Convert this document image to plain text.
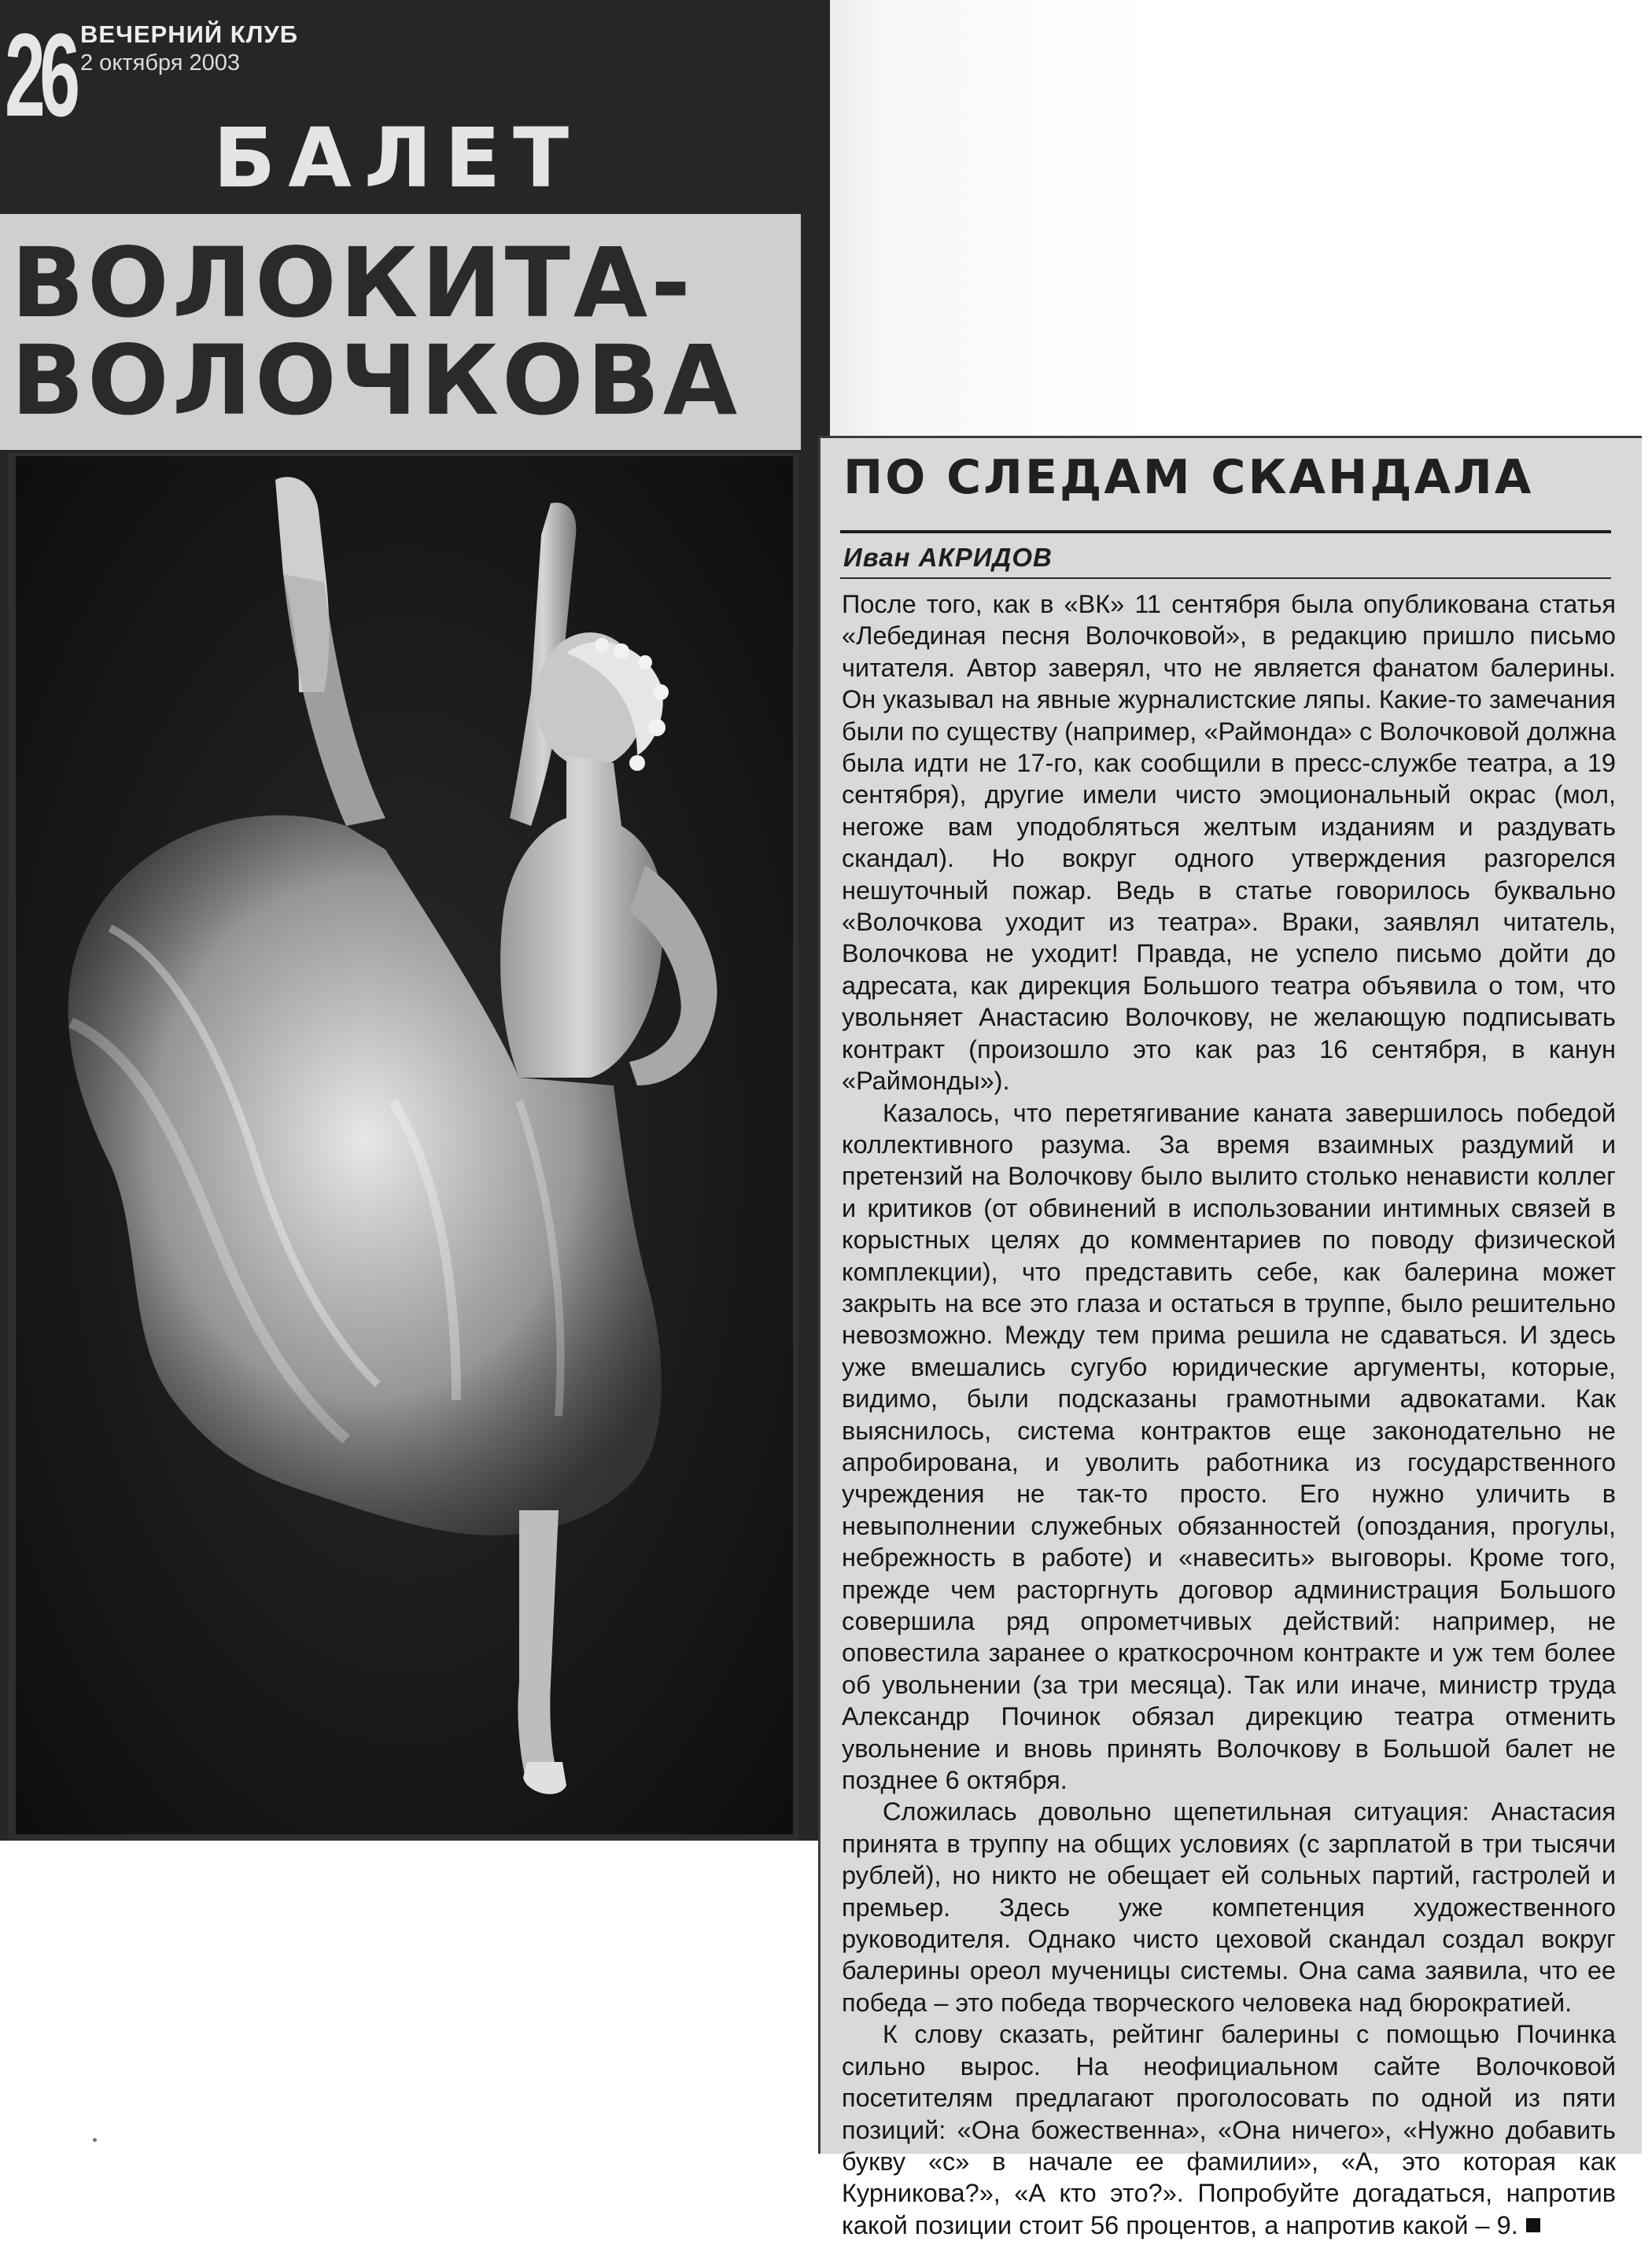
26 ВЕЧЕРНИЙ КЛУБ
2 октября 2003
БАЛЕТ
ВОЛОКИТА-
ВОЛОЧКОВА
ПО СЛЕДАМ СКАНДАЛА
Иван АКРИДОВ

После того, как в «ВК» 11 сентября была опубликована статья «Лебединая песня Волочковой», в редакцию пришло письмо читателя. Автор заверял, что не является фанатом балерины. Он указывал на явные журналистские ляпы. Какие-то замечания были по существу (например, «Раймонда» с Волочковой должна была идти не 17-го, как сообщили в пресс-службе театра, а 19 сентября), другие имели чисто эмоциональный окрас (мол, негоже вам уподобляться желтым изданиям и раздувать скандал). Но вокруг одного утверждения разгорелся нешуточный пожар. Ведь в статье говорилось буквально «Волочкова уходит из театра». Враки, заявлял читатель, Волочкова не уходит! Правда, не успело письмо дойти до адресата, как дирекция Большого театра объявила о том, что увольняет Анастасию Волочкову, не желающую подписывать контракт (произошло это как раз 16 сентября, в канун «Раймонды»).

Казалось, что перетягивание каната завершилось победой коллективного разума. За время взаимных раздумий и претензий на Волочкову было вылито столько ненависти коллег и критиков (от обвинений в использовании интимных связей в корыстных целях до комментариев по поводу физической комплекции), что представить себе, как балерина может закрыть на все это глаза и остаться в труппе, было решительно невозможно. Между тем прима решила не сдаваться. И здесь уже вмешались сугубо юридические аргументы, которые, видимо, были подсказаны грамотными адвокатами. Как выяснилось, система контрактов еще законодательно не апробирована, и уволить работника из государственного учреждения не так-то просто. Его нужно уличить в невыполнении служебных обязанностей (опоздания, прогулы, небрежность в работе) и «навесить» выговоры. Кроме того, прежде чем расторгнуть договор администрация Большого совершила ряд опрометчивых действий: например, не оповестила заранее о краткосрочном контракте и уж тем более об увольнении (за три месяца). Так или иначе, министр труда Александр Починок обязал дирекцию театра отменить увольнение и вновь принять Волочкову в Большой балет не позднее 6 октября.

Сложилась довольно щепетильная ситуация: Анастасия принята в труппу на общих условиях (с зарплатой в три тысячи рублей), но никто не обещает ей сольных партий, гастролей и премьер. Здесь уже компетенция художественного руководителя. Однако чисто цеховой скандал создал вокруг балерины ореол мученицы системы. Она сама заявила, что ее победа – это победа творческого человека над бюрократией.

К слову сказать, рейтинг балерины с помощью Починка сильно вырос. На неофициальном сайте Волочковой посетителям предлагают проголосовать по одной из пяти позиций: «Она божественна», «Она ничего», «Нужно добавить букву «с» в начале ее фамилии», «А, это которая как Курникова?», «А кто это?». Попробуйте догадаться, напротив какой позиции стоит 56 процентов, а напротив какой – 9.
